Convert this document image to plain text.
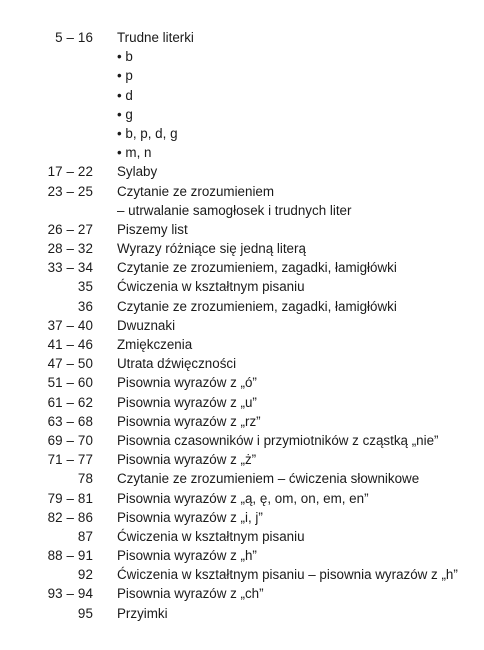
5 – 16 Trudne literki
• b
• p
• d
• g
• b, p, d, g
• m, n
17 – 22 Sylaby
23 – 25 Czytanie ze zrozumieniem
– utrwalanie samogłosek i trudnych liter
26 – 27 Piszemy list
28 – 32 Wyrazy różniące się jedną literą
33 – 34 Czytanie ze zrozumieniem, zagadki, łamigłówki
35 Ćwiczenia w kształtnym pisaniu
36 Czytanie ze zrozumieniem, zagadki, łamigłówki
37 – 40 Dwuznaki
41 – 46 Zmiękczenia
47 – 50 Utrata dźwięczności
51 – 60 Pisownia wyrazów z „ó”
61 – 62 Pisownia wyrazów z „u”
63 – 68 Pisownia wyrazów z „rz”
69 – 70 Pisownia czasowników i przymiotników z cząstką „nie”
71 – 77 Pisownia wyrazów z „ż”
78 Czytanie ze zrozumieniem – ćwiczenia słownikowe
79 – 81 Pisownia wyrazów z „ą, ę, om, on, em, en”
82 – 86 Pisownia wyrazów z „i, j”
87 Ćwiczenia w kształtnym pisaniu
88 – 91 Pisownia wyrazów z „h”
92 Ćwiczenia w kształtnym pisaniu – pisownia wyrazów z „h”
93 – 94 Pisownia wyrazów z „ch”
95 Przyimki
